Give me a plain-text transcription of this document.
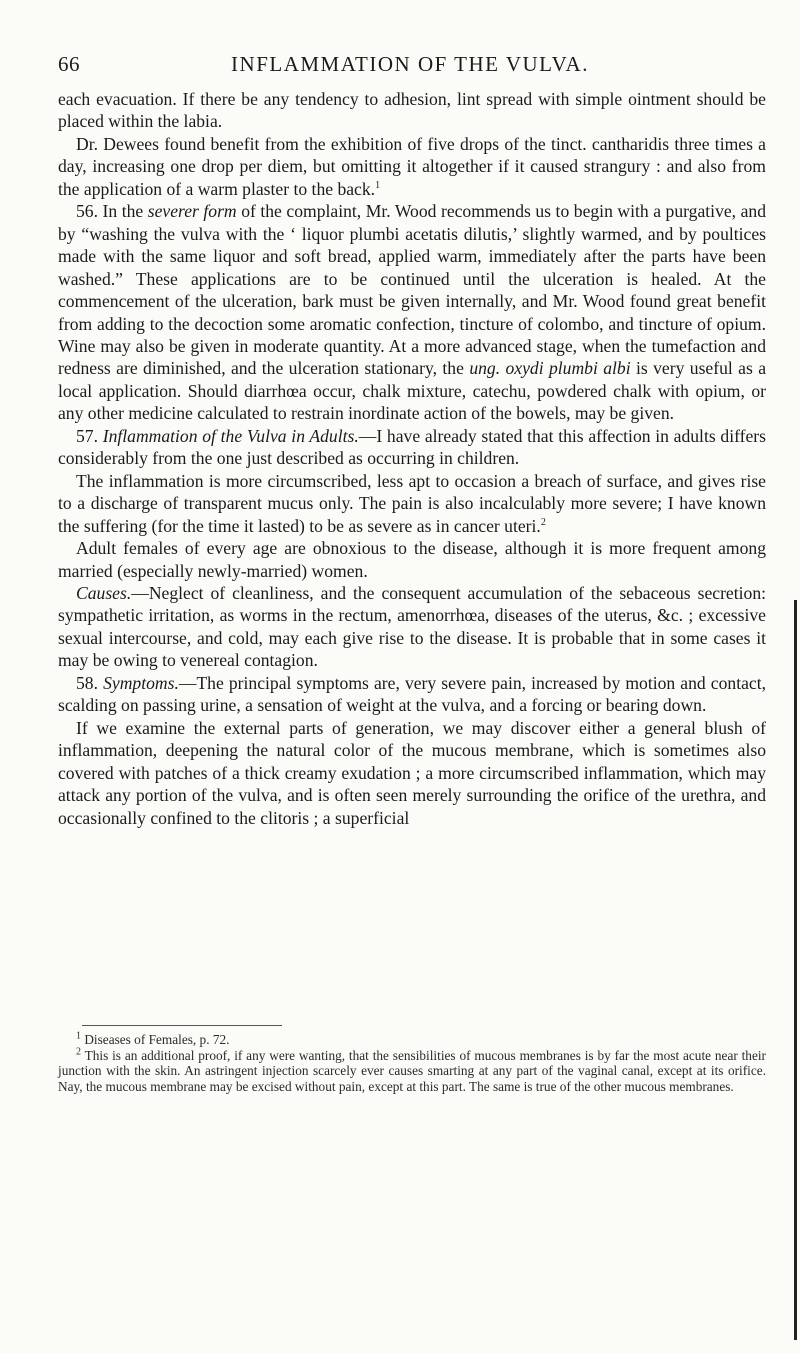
66	INFLAMMATION OF THE VULVA.

each evacuation. If there be any tendency to adhesion, lint spread with simple ointment should be placed within the labia.

Dr. Dewees found benefit from the exhibition of five drops of the tinct. cantharidis three times a day, increasing one drop per diem, but omitting it altogether if it caused strangury : and also from the application of a warm plaster to the back.$^1$

56. In the severer form of the complaint, Mr. Wood recommends us to begin with a purgative, and by “washing the vulva with the ‘ liquor plumbi acetatis dilutis,’ slightly warmed, and by poultices made with the same liquor and soft bread, applied warm, immediately after the parts have been washed.” These applications are to be continued until the ulceration is healed. At the commencement of the ulceration, bark must be given internally, and Mr. Wood found great benefit from adding to the decoction some aromatic confection, tincture of colombo, and tincture of opium. Wine may also be given in moderate quantity. At a more advanced stage, when the tumefaction and redness are diminished, and the ulceration stationary, the ung. oxydi plumbi albi is very useful as a local application. Should diarrhœa occur, chalk mixture, catechu, powdered chalk with opium, or any other medicine calculated to restrain inordinate action of the bowels, may be given.

57. Inflammation of the Vulva in Adults.—I have already stated that this affection in adults differs considerably from the one just described as occurring in children.

The inflammation is more circumscribed, less apt to occasion a breach of surface, and gives rise to a discharge of transparent mucus only. The pain is also incalculably more severe; I have known the suffering (for the time it lasted) to be as severe as in cancer uteri.$^2$

Adult females of every age are obnoxious to the disease, although it is more frequent among married (especially newly-married) women.

Causes.—Neglect of cleanliness, and the consequent accumulation of the sebaceous secretion: sympathetic irritation, as worms in the rectum, amenorrhœa, diseases of the uterus, &c. ; excessive sexual intercourse, and cold, may each give rise to the disease. It is probable that in some cases it may be owing to venereal contagion.

58. Symptoms.—The principal symptoms are, very severe pain, increased by motion and contact, scalding on passing urine, a sensation of weight at the vulva, and a forcing or bearing down.

If we examine the external parts of generation, we may discover either a general blush of inflammation, deepening the natural color of the mucous membrane, which is sometimes also covered with patches of a thick creamy exudation ; a more circumscribed inflammation, which may attack any portion of the vulva, and is often seen merely surrounding the orifice of the urethra, and occasionally confined to the clitoris ; a superficial

$^1$ Diseases of Females, p. 72.

$^2$ This is an additional proof, if any were wanting, that the sensibilities of mucous membranes is by far the most acute near their junction with the skin. An astringent injection scarcely ever causes smarting at any part of the vaginal canal, except at its orifice. Nay, the mucous membrane may be excised without pain, except at this part. The same is true of the other mucous membranes.
